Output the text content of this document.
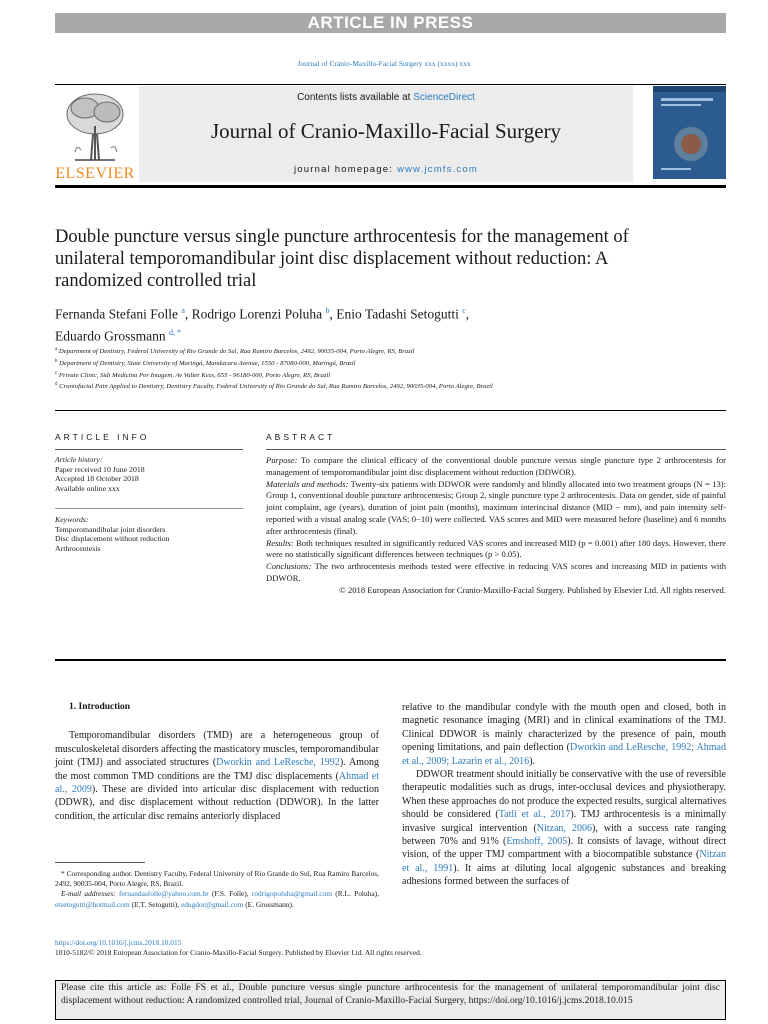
ARTICLE IN PRESS
Journal of Cranio-Maxillo-Facial Surgery xxx (xxxx) xxx
ELSEVIER
Contents lists available at ScienceDirect
Journal of Cranio-Maxillo-Facial Surgery
journal homepage: www.jcmfs.com
Double puncture versus single puncture arthrocentesis for the management of unilateral temporomandibular joint disc displacement without reduction: A randomized controlled trial
Fernanda Stefani Folle $^a$, Rodrigo Lorenzi Poluha $^b$, Enio Tadashi Setogutti $^c$,
Eduardo Grossmann $^{d, *}$
$^a$ Department of Dentistry, Federal University of Rio Grande do Sul, Rua Ramiro Barcelos, 2492, 90035-004, Porto Alegre, RS, Brazil
$^b$ Department of Dentistry, State University of Maringá, Mandacaru Avenue, 1550 - 87080-000, Maringá, Brazil
$^c$ Private Clinic, Sidi Medicina Por Imagem, Av Valter Kess, 655 - 96180-000, Porto Alegre, RS, Brazil
$^d$ Craniofacial Pain Applied to Dentistry, Dentistry Faculty, Federal University of Rio Grande do Sul, Rua Ramiro Barcelos, 2492, 90035-004, Porto Alegre, Brazil
ARTICLE INFO	ABSTRACT
Article history:
Paper received 10 June 2018
Accepted 18 October 2018
Available online xxx
Keywords:
Temporomandibular joint disorders
Disc displacement without reduction
Arthrocentesis
Purpose: To compare the clinical efficacy of the conventional double puncture versus single puncture type 2 arthrocentesis for management of temporomandibular joint disc displacement without reduction (DDWOR).
Materials and methods: Twenty-six patients with DDWOR were randomly and blindly allocated into two treatment groups (N = 13): Group 1, conventional double puncture arthrocentesis; Group 2, single puncture type 2 arthrocentesis. Data on gender, side of painful joint complaint, age (years), duration of joint pain (months), maximum interincisal distance (MID − mm), and pain intensity self-reported with a visual analog scale (VAS; 0−10) were collected. VAS scores and MID were measured before (baseline) and 6 months after arthrocentesis (final).
Results: Both techniques resulted in significantly reduced VAS scores and increased MID (p = 0.001) after 180 days. However, there were no statistically significant differences between techniques (p > 0.05).
Conclusions: The two arthrocentesis methods tested were effective in reducing VAS scores and increasing MID in patients with DDWOR.
© 2018 European Association for Cranio-Maxillo-Facial Surgery. Published by Elsevier Ltd. All rights reserved.

1. Introduction

Temporomandibular disorders (TMD) are a heterogeneous group of musculoskeletal disorders affecting the masticatory muscles, temporomandibular joint (TMJ) and associated structures (Dworkin and LeResche, 1992). Among the most common TMD conditions are the TMJ disc displacements (Ahmad et al., 2009). These are divided into articular disc displacement with reduction (DDWR), and disc displacement without reduction (DDWOR). In the latter condition, the articular disc remains anteriorly displaced

relative to the mandibular condyle with the mouth open and closed, both in magnetic resonance imaging (MRI) and in clinical examinations of the TMJ. Clinical DDWOR is mainly characterized by the presence of pain, mouth opening limitations, and pain deflection (Dworkin and LeResche, 1992; Ahmad et al., 2009; Lazarin et al., 2016).

DDWOR treatment should initially be conservative with the use of reversible therapeutic modalities such as drugs, inter-occlusal devices and physiotherapy. When these approaches do not produce the expected results, surgical alternatives should be considered (Tatli et al., 2017). TMJ arthrocentesis is a minimally invasive surgical intervention (Nitzan, 2006), with a success rate ranging between 70% and 91% (Emshoff, 2005). It consists of lavage, without direct vision, of the upper TMJ compartment with a biocompatible substance (Nitzan et al., 1991). It aims at diluting local algogenic substances and breaking adhesions formed between the surfaces of

* Corresponding author. Dentistry Faculty, Federal University of Rio Grande do Sul, Rua Ramiro Barcelos, 2492, 90035-004, Porto Alegre, RS, Brazil.
E-mail addresses: fernandasfolle@yahoo.com.br (F.S. Folle), rodrigopoluha@gmail.com (R.L. Poluha), etsetogutti@hotmail.com (E.T. Setogutti), edugdor@gmail.com (E. Grossmann).
https://doi.org/10.1016/j.jcms.2018.10.015
1010-5182/© 2018 European Association for Cranio-Maxillo-Facial Surgery. Published by Elsevier Ltd. All rights reserved.
Please cite this article as: Folle FS et al., Double puncture versus single puncture arthrocentesis for the management of unilateral temporomandibular joint disc displacement without reduction: A randomized controlled trial, Journal of Cranio-Maxillo-Facial Surgery, https://doi.org/10.1016/j.jcms.2018.10.015
